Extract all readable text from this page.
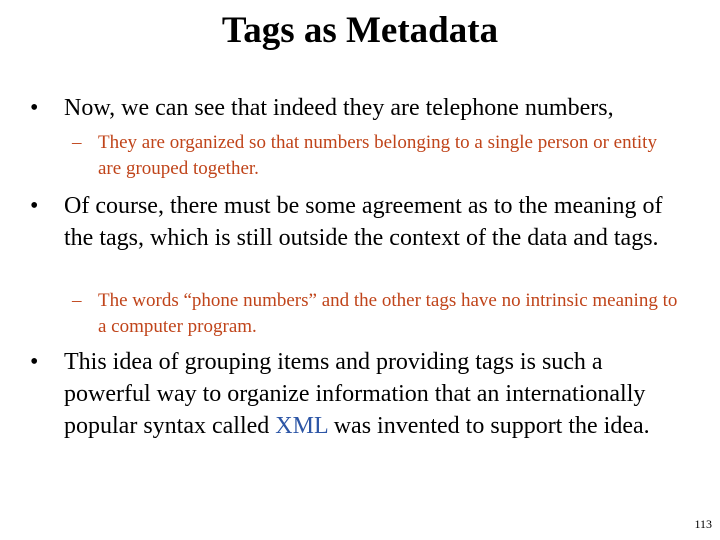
Tags as Metadata
• Now, we can see that indeed they are telephone numbers,
– They are organized so that numbers belonging to a single person or entity are grouped together.
• Of course, there must be some agreement as to the meaning of the tags, which is still outside the context of the data and tags.
– The words “phone numbers” and the other tags have no intrinsic meaning to a computer program.
• This idea of grouping items and providing tags is such a powerful way to organize information that an internationally popular syntax called XML was invented to support the idea.
113
